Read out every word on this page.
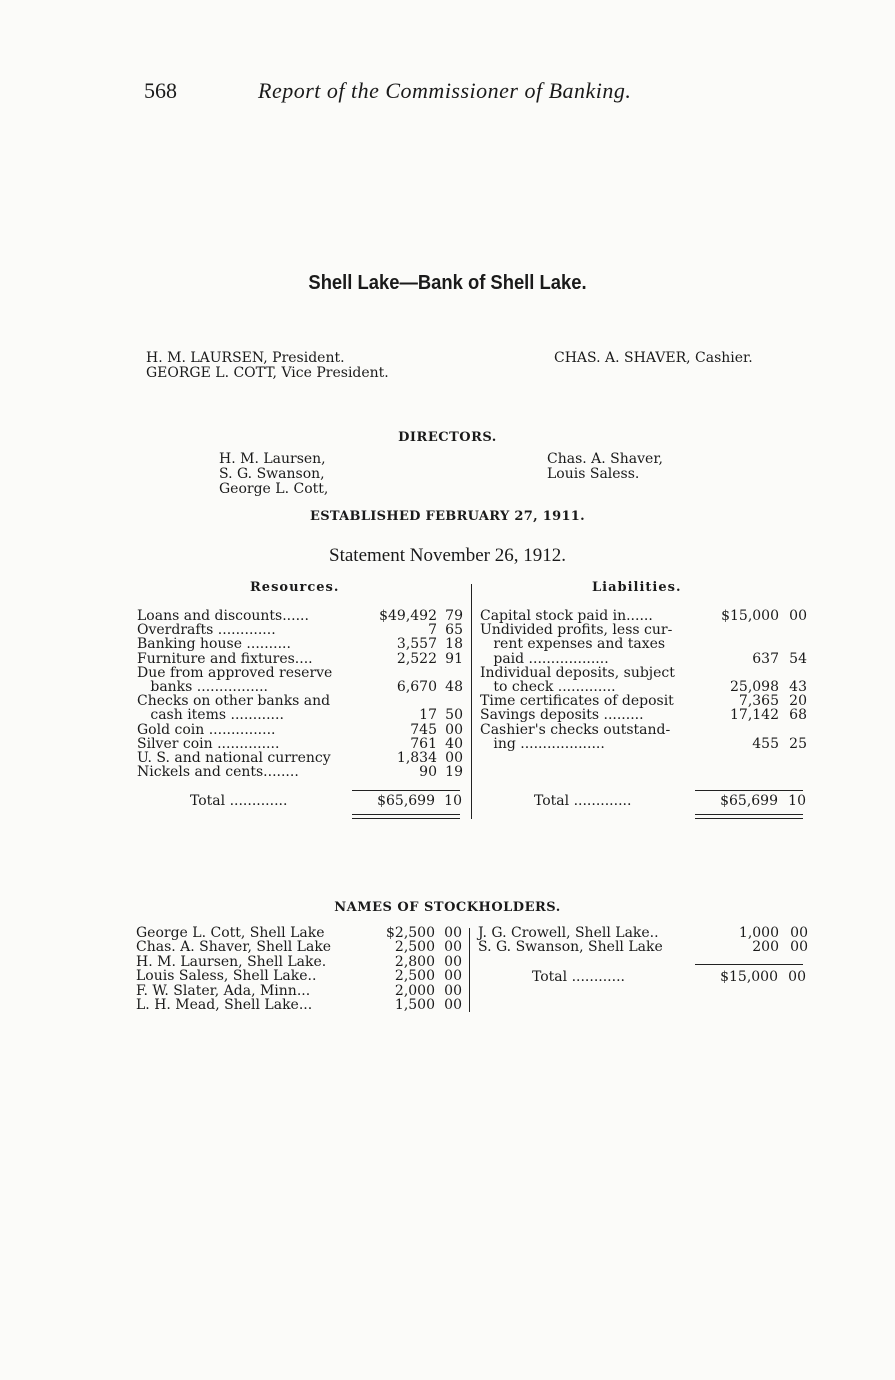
568	Report of the Commissioner of Banking.
Shell Lake—Bank of Shell Lake.
H. M. LAURSEN, President.
GEORGE L. COTT, Vice President.
CHAS. A. SHAVER, Cashier.
DIRECTORS.
H. M. Laursen,
S. G. Swanson,
George L. Cott,
Chas. A. Shaver,
Louis Saless.
ESTABLISHED FEBRUARY 27, 1911.
Statement November 26, 1912.
Resources.	Liabilities.
Loans and discounts......	$49,492 79
Overdrafts .............	7 65
Banking house ..........	3,557 18
Furniture and fixtures....	2,522 91
Due from approved reserve
banks ................	6,670 48
Checks on other banks and
cash items ............	17 50
Gold coin ...............	745 00
Silver coin ..............	761 40
U. S. and national currency	1,834 00
Nickels and cents........	90 19
Capital stock paid in......	$15,000 00
Undivided profits, less cur-
rent expenses and taxes
paid ..................	637 54
Individual deposits, subject
to check .............	25,098 43
Time certificates of deposit	7,365 20
Savings deposits .........	17,142 68
Cashier's checks outstand-
ing ...................	455 25
Total .............	$65,699 10	Total .............	$65,699 10
NAMES OF STOCKHOLDERS.
George L. Cott, Shell Lake	$2,500 00
Chas. A. Shaver, Shell Lake	2,500 00
H. M. Laursen, Shell Lake.	2,800 00
Louis Saless, Shell Lake..	2,500 00
F. W. Slater, Ada, Minn...	2,000 00
L. H. Mead, Shell Lake...	1,500 00
J. G. Crowell, Shell Lake..	1,000 00
S. G. Swanson, Shell Lake	200 00
Total ............	$15,000 00
